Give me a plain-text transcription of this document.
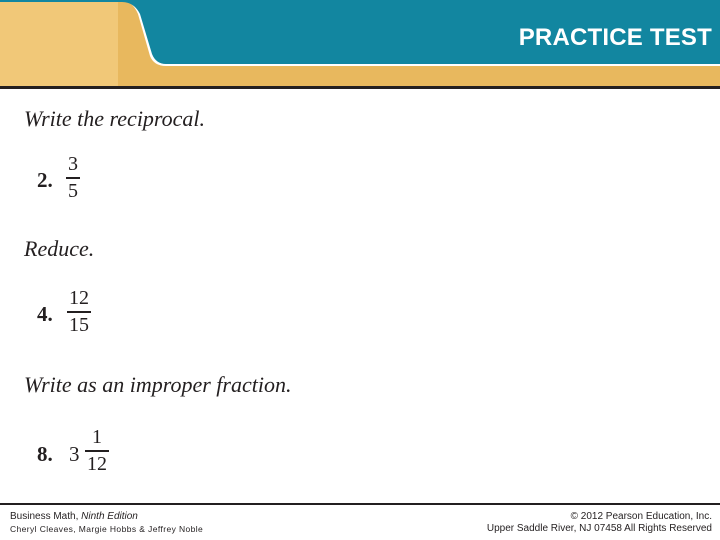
PRACTICE TEST
Write the reciprocal.
2.
3
5
Reduce.
4.
12
15
Write as an improper fraction.
8. 3
1
12
Business Math, Ninth Edition
Cheryl Cleaves, Margie Hobbs & Jeffrey Noble
© 2012 Pearson Education, Inc.
Upper Saddle River, NJ 07458 All Rights Reserved
